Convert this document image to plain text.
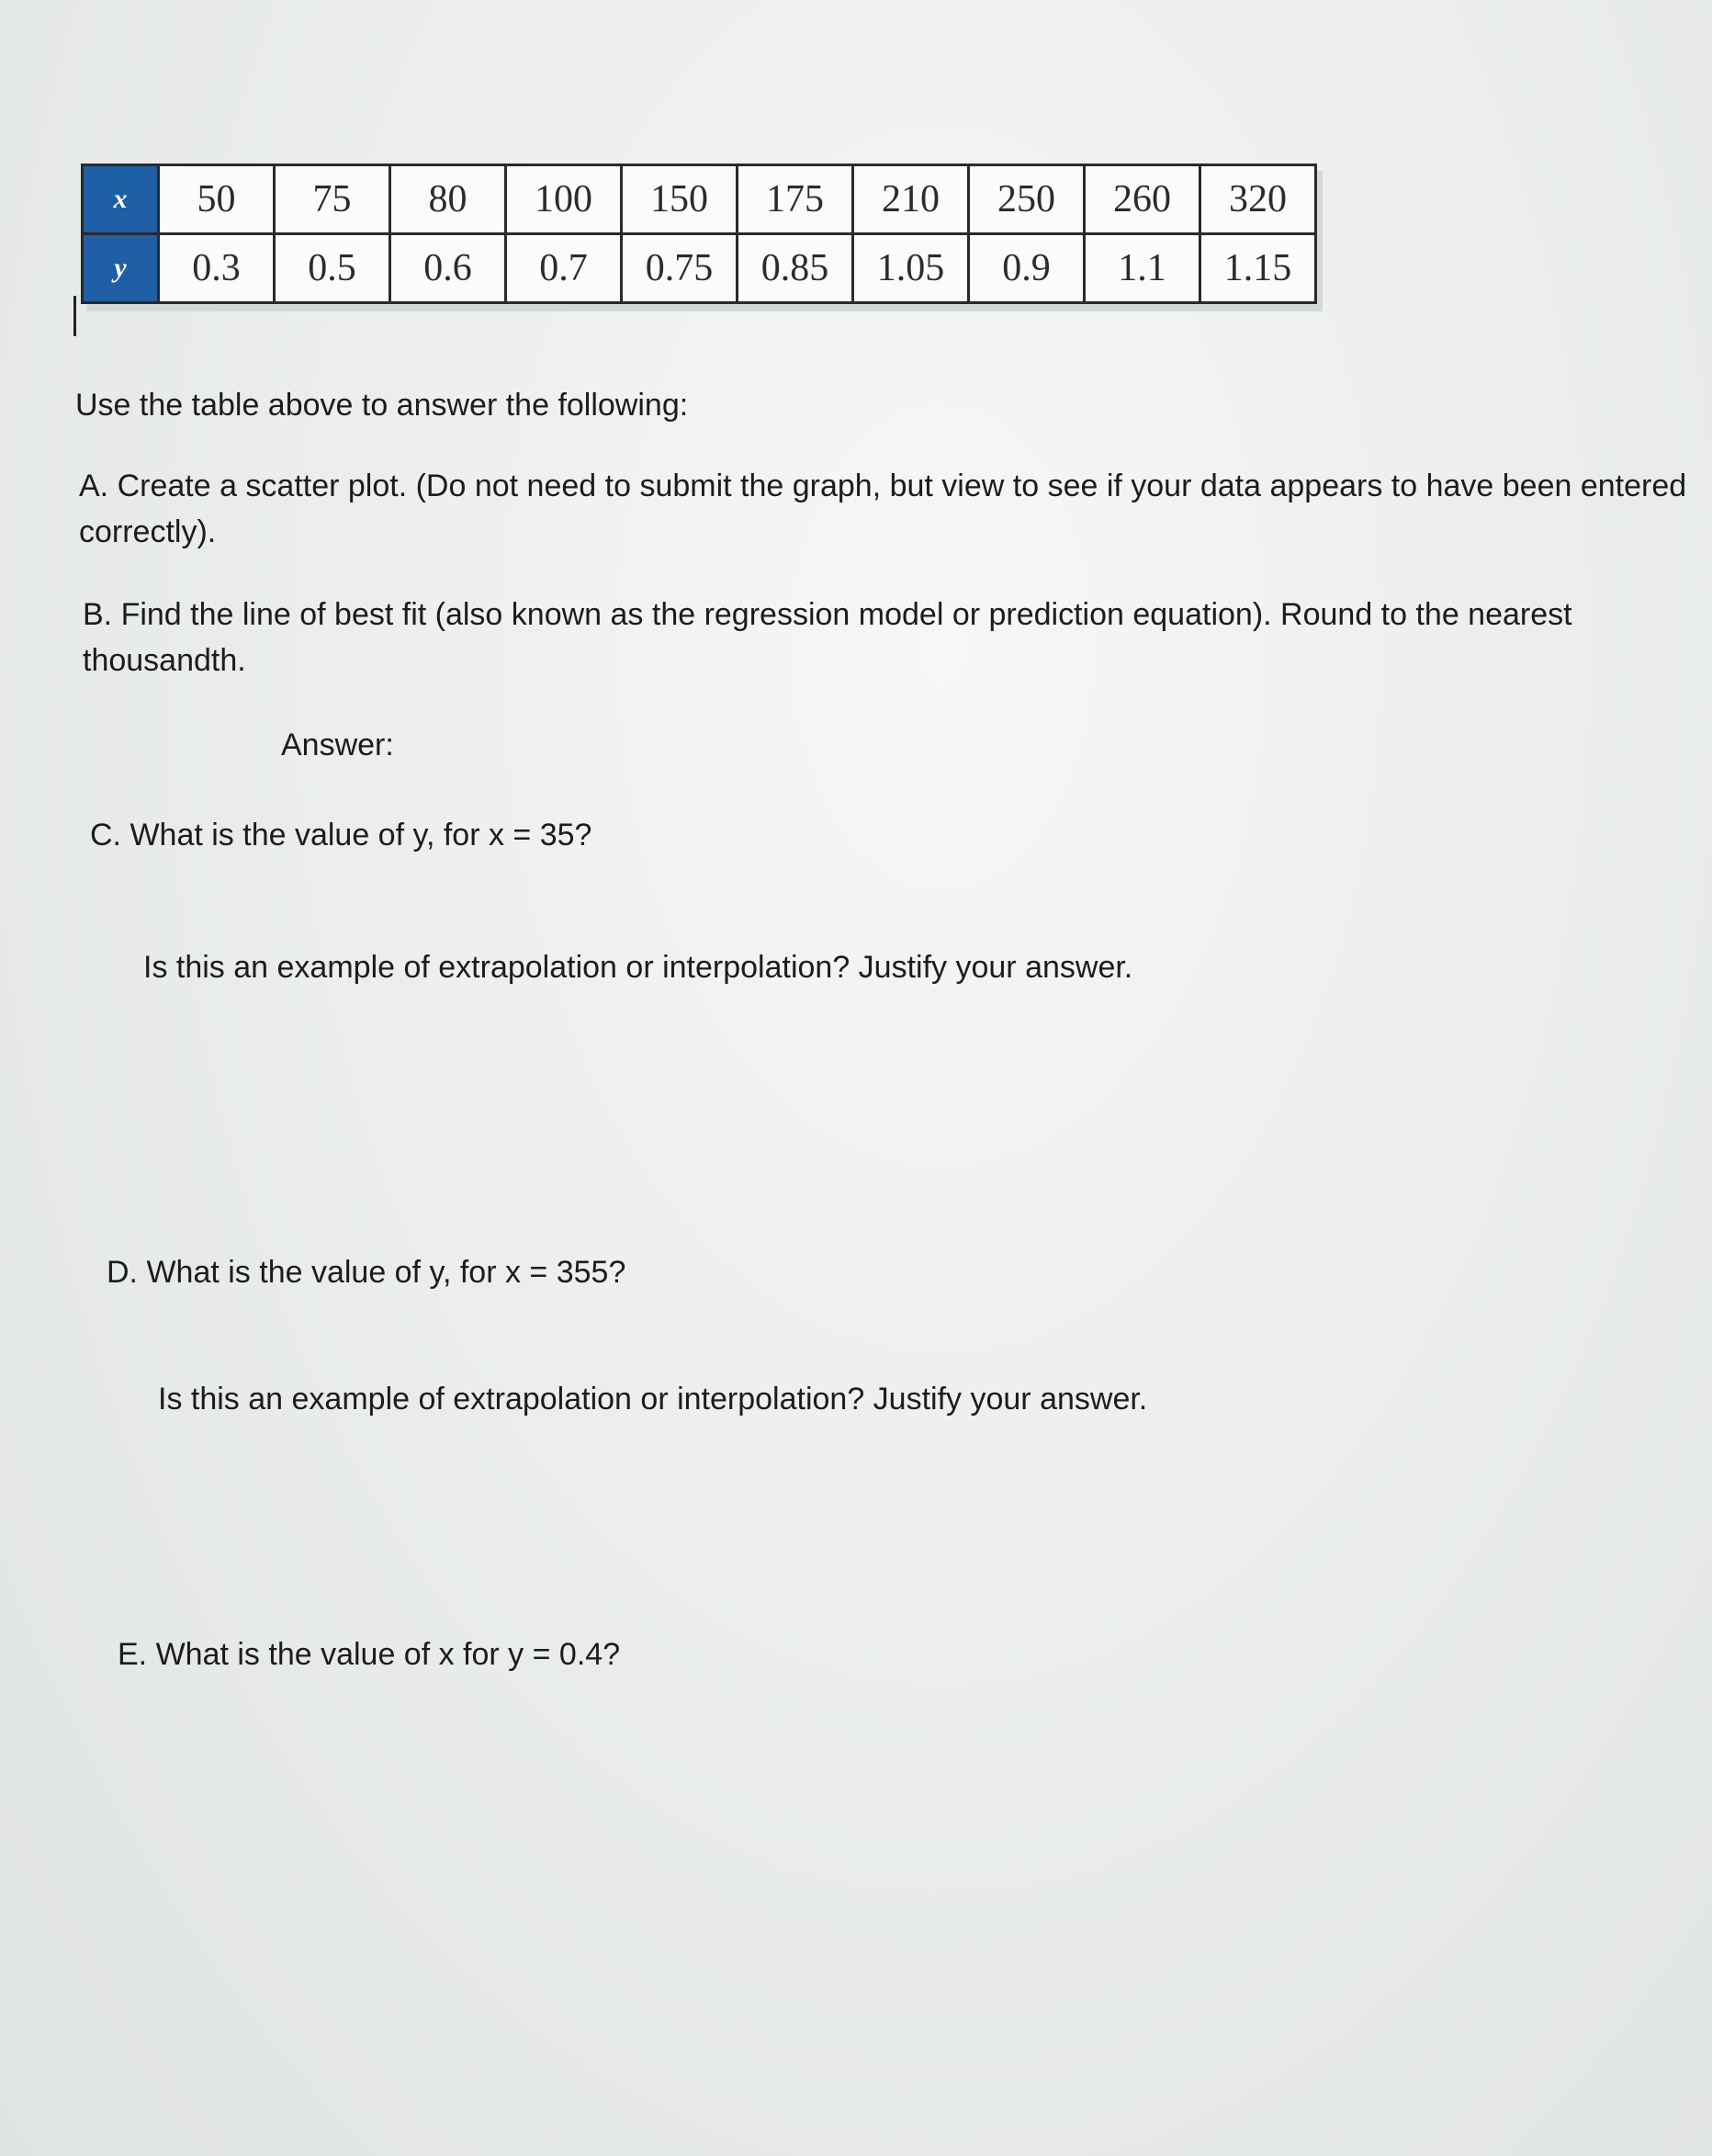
x	50	75	80	100	150	175	210	250	260	320
y	0.3	0.5	0.6	0.7	0.75	0.85	1.05	0.9	1.1	1.15
Use the table above to answer the following:
A. Create a scatter plot. (Do not need to submit the graph, but view to see if your data appears to have been entered correctly).
B. Find the line of best fit (also known as the regression model or prediction equation). Round to the nearest thousandth.
Answer:
C. What is the value of y, for x = 35?
Is this an example of extrapolation or interpolation? Justify your answer.
D. What is the value of y, for x = 355?
Is this an example of extrapolation or interpolation? Justify your answer.
E. What is the value of x for y = 0.4?
